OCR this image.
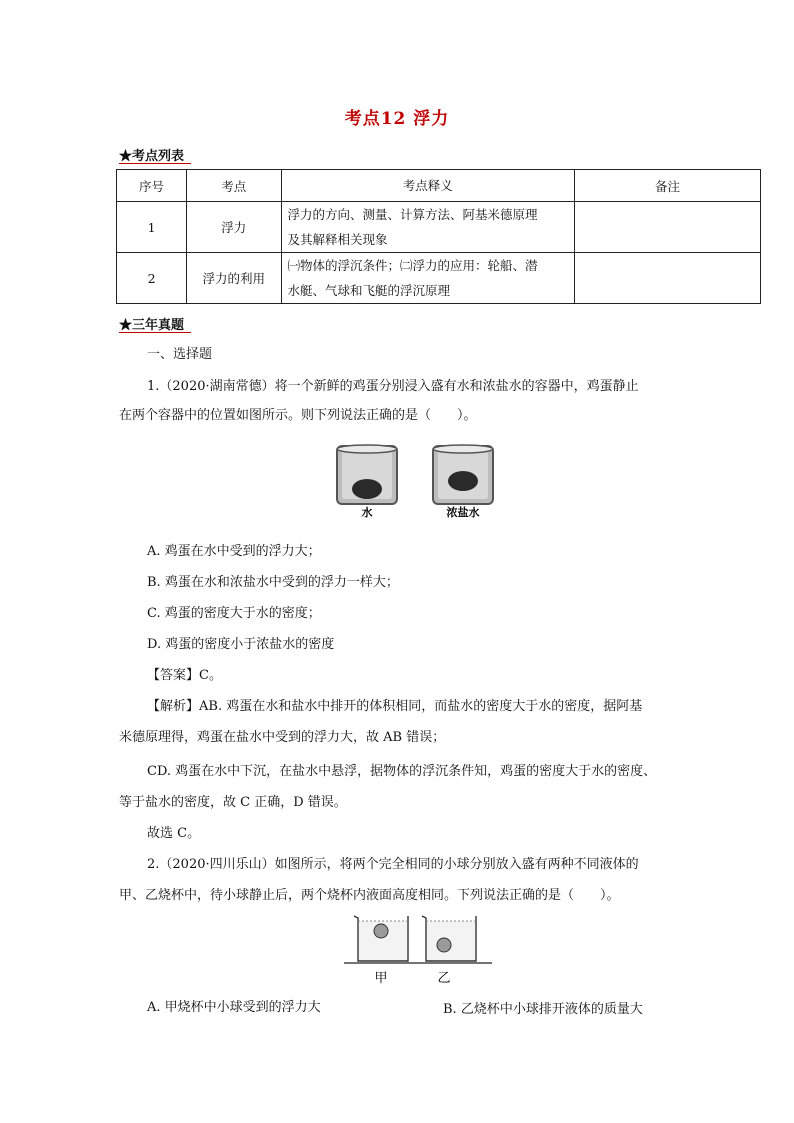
考点12 浮力
★考点列表
序号	考点	考点释义	备注
1	浮力	浮力的方向、测量、计算方法、阿基米德原理
及其解释相关现象	

2	浮力的利用	㈠物体的浮沉条件；㈡浮力的应用：轮船、潜
水艇、气球和飞艇的浮沉原理	

★三年真题
一、选择题
1.（2020·湖南常德）将一个新鲜的鸡蛋分别浸入盛有水和浓盐水的容器中，鸡蛋静止
在两个容器中的位置如图所示。则下列说法正确的是（　　）。
水	浓盐水
A. 鸡蛋在水中受到的浮力大；
B. 鸡蛋在水和浓盐水中受到的浮力一样大；
C. 鸡蛋的密度大于水的密度；
D. 鸡蛋的密度小于浓盐水的密度
【答案】C。
【解析】AB. 鸡蛋在水和盐水中排开的体积相同，而盐水的密度大于水的密度，据阿基
米德原理得，鸡蛋在盐水中受到的浮力大，故 AB 错误；
CD. 鸡蛋在水中下沉，在盐水中悬浮，据物体的浮沉条件知，鸡蛋的密度大于水的密度、
等于盐水的密度，故 C 正确，D 错误。
故选 C。
2.（2020·四川乐山）如图所示，将两个完全相同的小球分别放入盛有两种不同液体的
甲、乙烧杯中，待小球静止后，两个烧杯内液面高度相同。下列说法正确的是（　　）。
甲	乙
A. 甲烧杯中小球受到的浮力大	B. 乙烧杯中小球排开液体的质量大
